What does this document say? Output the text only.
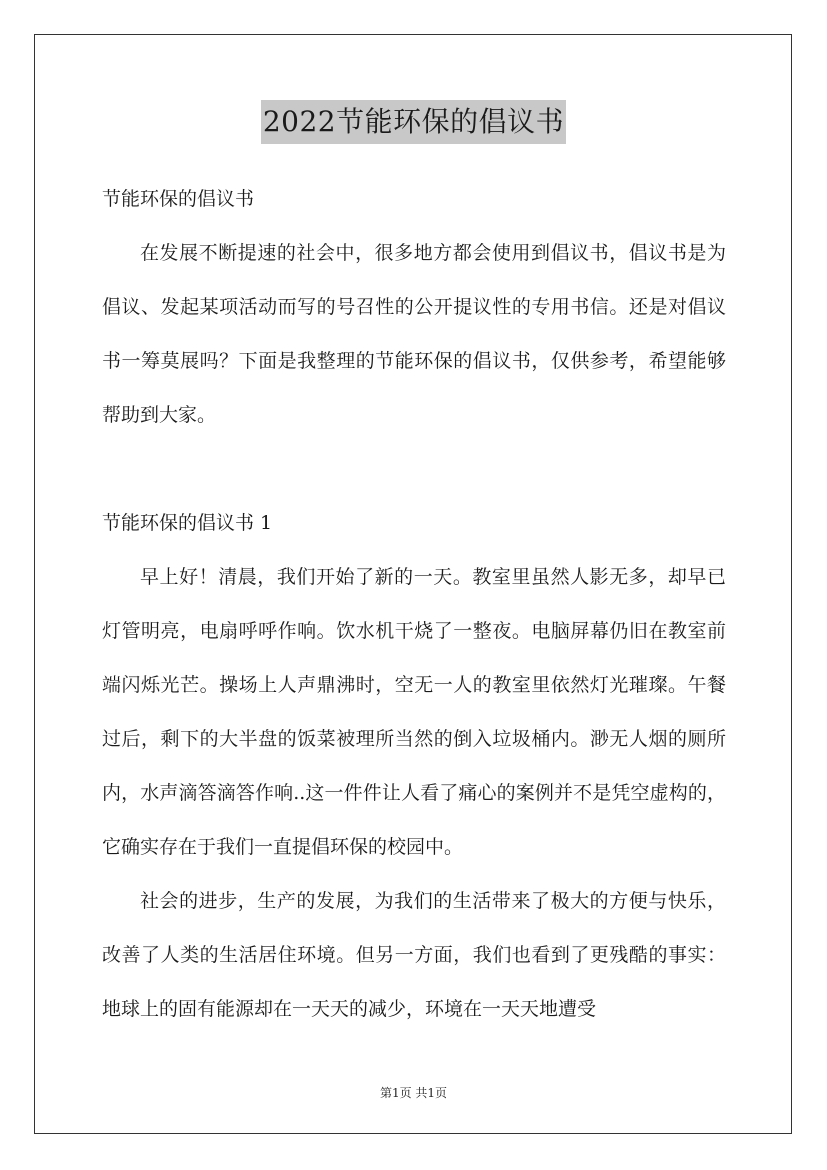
2022节能环保的倡议书

节能环保的倡议书

在发展不断提速的社会中，很多地方都会使用到倡议书，倡议书是为倡议、发起某项活动而写的号召性的公开提议性的专用书信。还是对倡议书一筹莫展吗？下面是我整理的节能环保的倡议书，仅供参考，希望能够帮助到大家。

节能环保的倡议书 1

早上好！清晨，我们开始了新的一天。教室里虽然人影无多，却早已灯管明亮，电扇呼呼作响。饮水机干烧了一整夜。电脑屏幕仍旧在教室前端闪烁光芒。操场上人声鼎沸时，空无一人的教室里依然灯光璀璨。午餐过后，剩下的大半盘的饭菜被理所当然的倒入垃圾桶内。渺无人烟的厕所内，水声滴答滴答作响..这一件件让人看了痛心的案例并不是凭空虚构的，它确实存在于我们一直提倡环保的校园中。

社会的进步，生产的发展，为我们的生活带来了极大的方便与快乐，改善了人类的生活居住环境。但另一方面，我们也看到了更残酷的事实：地球上的固有能源却在一天天的减少，环境在一天天地遭受

第1页 共1页
